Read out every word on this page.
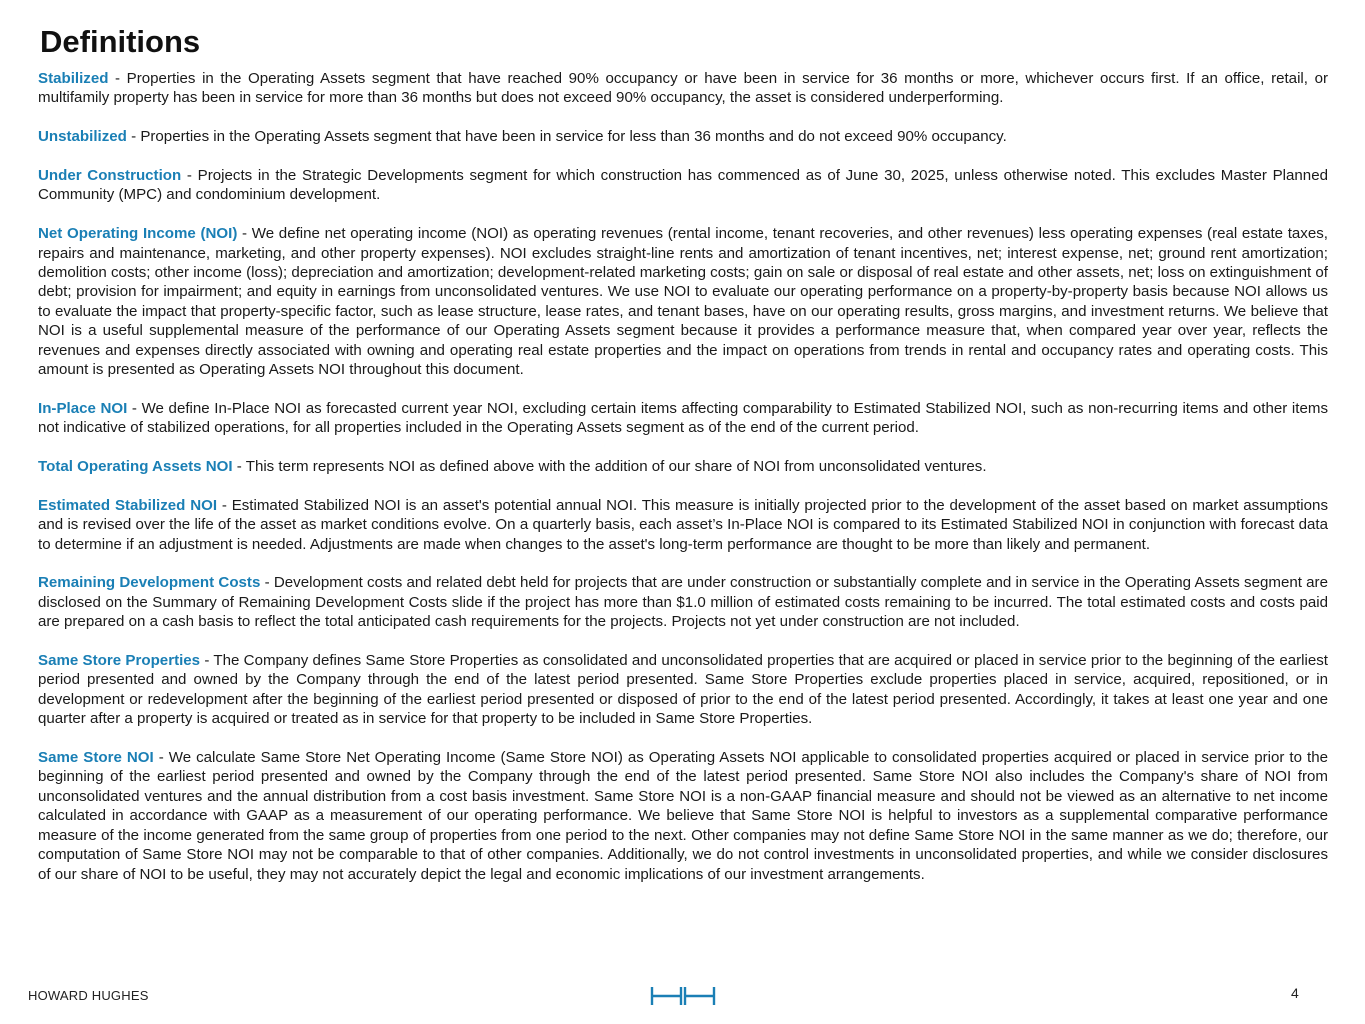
Definitions

Stabilized - Properties in the Operating Assets segment that have reached 90% occupancy or have been in service for 36 months or more, whichever occurs first. If an office, retail, or multifamily property has been in service for more than 36 months but does not exceed 90% occupancy, the asset is considered underperforming.

Unstabilized - Properties in the Operating Assets segment that have been in service for less than 36 months and do not exceed 90% occupancy.

Under Construction - Projects in the Strategic Developments segment for which construction has commenced as of June 30, 2025, unless otherwise noted. This excludes Master Planned Community (MPC) and condominium development.

Net Operating Income (NOI) - We define net operating income (NOI) as operating revenues (rental income, tenant recoveries, and other revenues) less operating expenses (real estate taxes, repairs and maintenance, marketing, and other property expenses). NOI excludes straight-line rents and amortization of tenant incentives, net; interest expense, net; ground rent amortization; demolition costs; other income (loss); depreciation and amortization; development-related marketing costs; gain on sale or disposal of real estate and other assets, net; loss on extinguishment of debt; provision for impairment; and equity in earnings from unconsolidated ventures. We use NOI to evaluate our operating performance on a property-by-property basis because NOI allows us to evaluate the impact that property-specific factor, such as lease structure, lease rates, and tenant bases, have on our operating results, gross margins, and investment returns. We believe that NOI is a useful supplemental measure of the performance of our Operating Assets segment because it provides a performance measure that, when compared year over year, reflects the revenues and expenses directly associated with owning and operating real estate properties and the impact on operations from trends in rental and occupancy rates and operating costs. This amount is presented as Operating Assets NOI throughout this document.

In-Place NOI - We define In-Place NOI as forecasted current year NOI, excluding certain items affecting comparability to Estimated Stabilized NOI, such as non-recurring items and other items not indicative of stabilized operations, for all properties included in the Operating Assets segment as of the end of the current period.

Total Operating Assets NOI - This term represents NOI as defined above with the addition of our share of NOI from unconsolidated ventures.

Estimated Stabilized NOI - Estimated Stabilized NOI is an asset's potential annual NOI. This measure is initially projected prior to the development of the asset based on market assumptions and is revised over the life of the asset as market conditions evolve. On a quarterly basis, each asset’s In-Place NOI is compared to its Estimated Stabilized NOI in conjunction with forecast data to determine if an adjustment is needed. Adjustments are made when changes to the asset's long-term performance are thought to be more than likely and permanent.

Remaining Development Costs - Development costs and related debt held for projects that are under construction or substantially complete and in service in the Operating Assets segment are disclosed on the Summary of Remaining Development Costs slide if the project has more than $1.0 million of estimated costs remaining to be incurred. The total estimated costs and costs paid are prepared on a cash basis to reflect the total anticipated cash requirements for the projects. Projects not yet under construction are not included.

Same Store Properties - The Company defines Same Store Properties as consolidated and unconsolidated properties that are acquired or placed in service prior to the beginning of the earliest period presented and owned by the Company through the end of the latest period presented. Same Store Properties exclude properties placed in service, acquired, repositioned, or in development or redevelopment after the beginning of the earliest period presented or disposed of prior to the end of the latest period presented. Accordingly, it takes at least one year and one quarter after a property is acquired or treated as in service for that property to be included in Same Store Properties.

Same Store NOI - We calculate Same Store Net Operating Income (Same Store NOI) as Operating Assets NOI applicable to consolidated properties acquired or placed in service prior to the beginning of the earliest period presented and owned by the Company through the end of the latest period presented. Same Store NOI also includes the Company's share of NOI from unconsolidated ventures and the annual distribution from a cost basis investment. Same Store NOI is a non-GAAP financial measure and should not be viewed as an alternative to net income calculated in accordance with GAAP as a measurement of our operating performance. We believe that Same Store NOI is helpful to investors as a supplemental comparative performance measure of the income generated from the same group of properties from one period to the next. Other companies may not define Same Store NOI in the same manner as we do; therefore, our computation of Same Store NOI may not be comparable to that of other companies. Additionally, we do not control investments in unconsolidated properties, and while we consider disclosures of our share of NOI to be useful, they may not accurately depict the legal and economic implications of our investment arrangements.

HOWARD HUGHES	4
